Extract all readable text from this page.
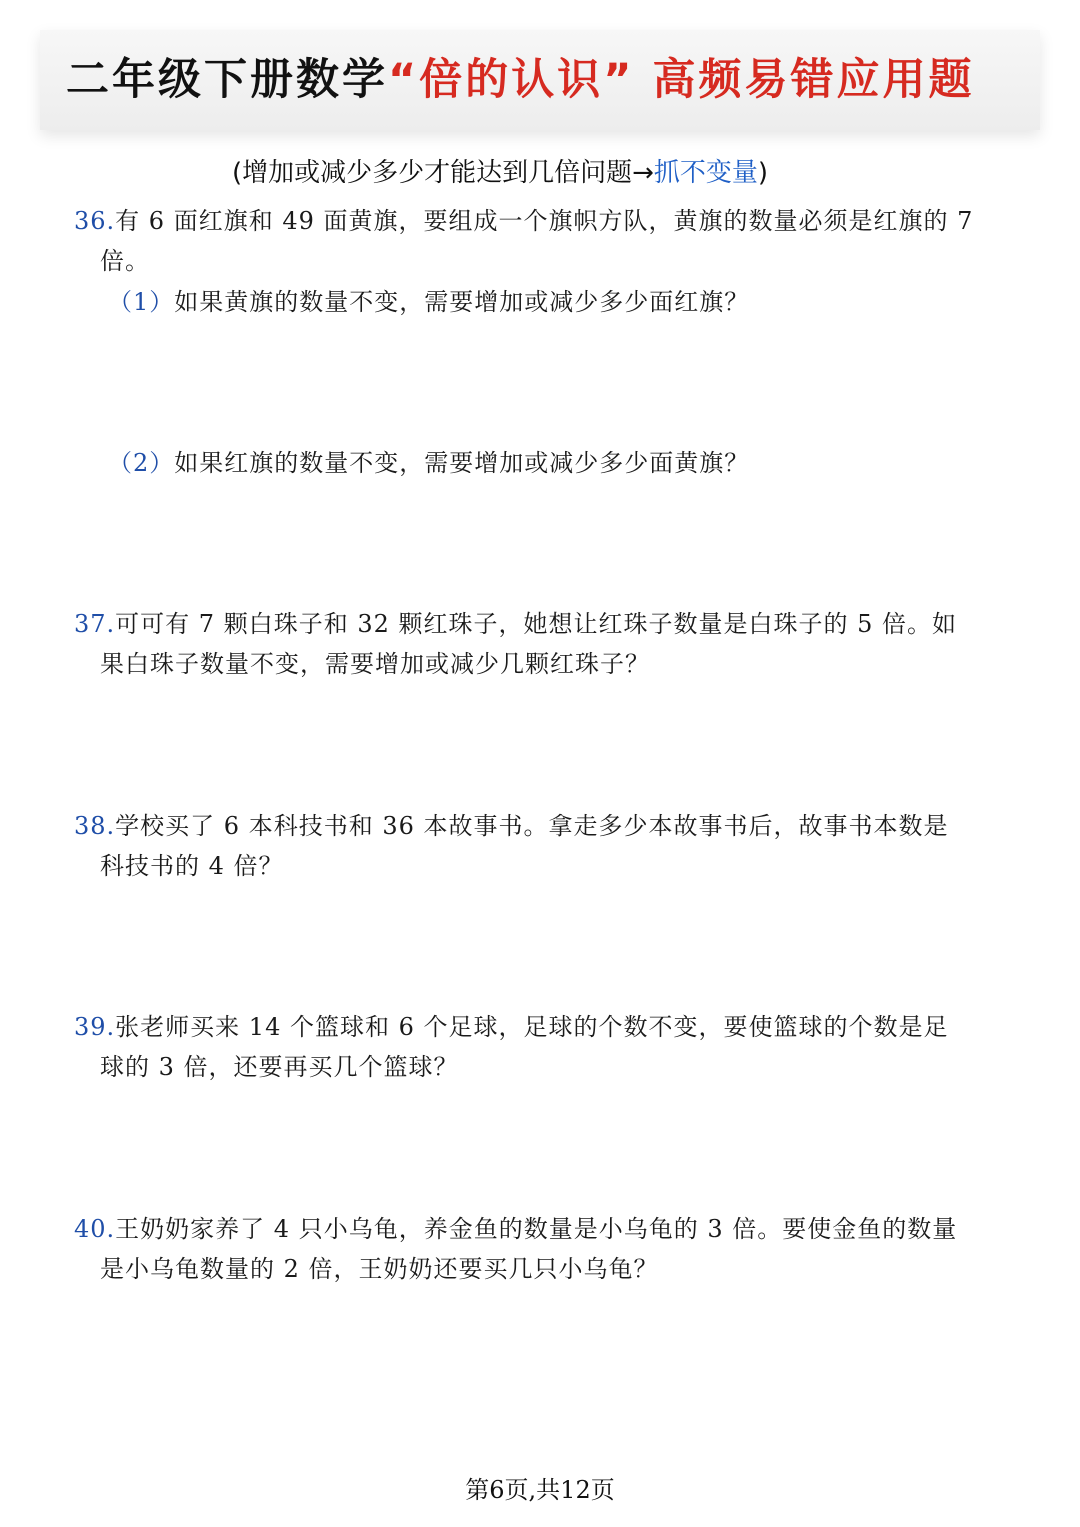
二年级下册数学“倍的认识” 高频易错应用题
(增加或减少多少才能达到几倍问题→抓不变量)
36.有 6 面红旗和 49 面黄旗，要组成一个旗帜方队，黄旗的数量必须是红旗的 7
倍。
（1）如果黄旗的数量不变，需要增加或减少多少面红旗？
（2）如果红旗的数量不变，需要增加或减少多少面黄旗？
37.可可有 7 颗白珠子和 32 颗红珠子，她想让红珠子数量是白珠子的 5 倍。如
果白珠子数量不变，需要增加或减少几颗红珠子？
38.学校买了 6 本科技书和 36 本故事书。拿走多少本故事书后，故事书本数是
科技书的 4 倍？
39.张老师买来 14 个篮球和 6 个足球，足球的个数不变，要使篮球的个数是足
球的 3 倍，还要再买几个篮球？
40.王奶奶家养了 4 只小乌龟，养金鱼的数量是小乌龟的 3 倍。要使金鱼的数量
是小乌龟数量的 2 倍，王奶奶还要买几只小乌龟？
第6页,共12页
